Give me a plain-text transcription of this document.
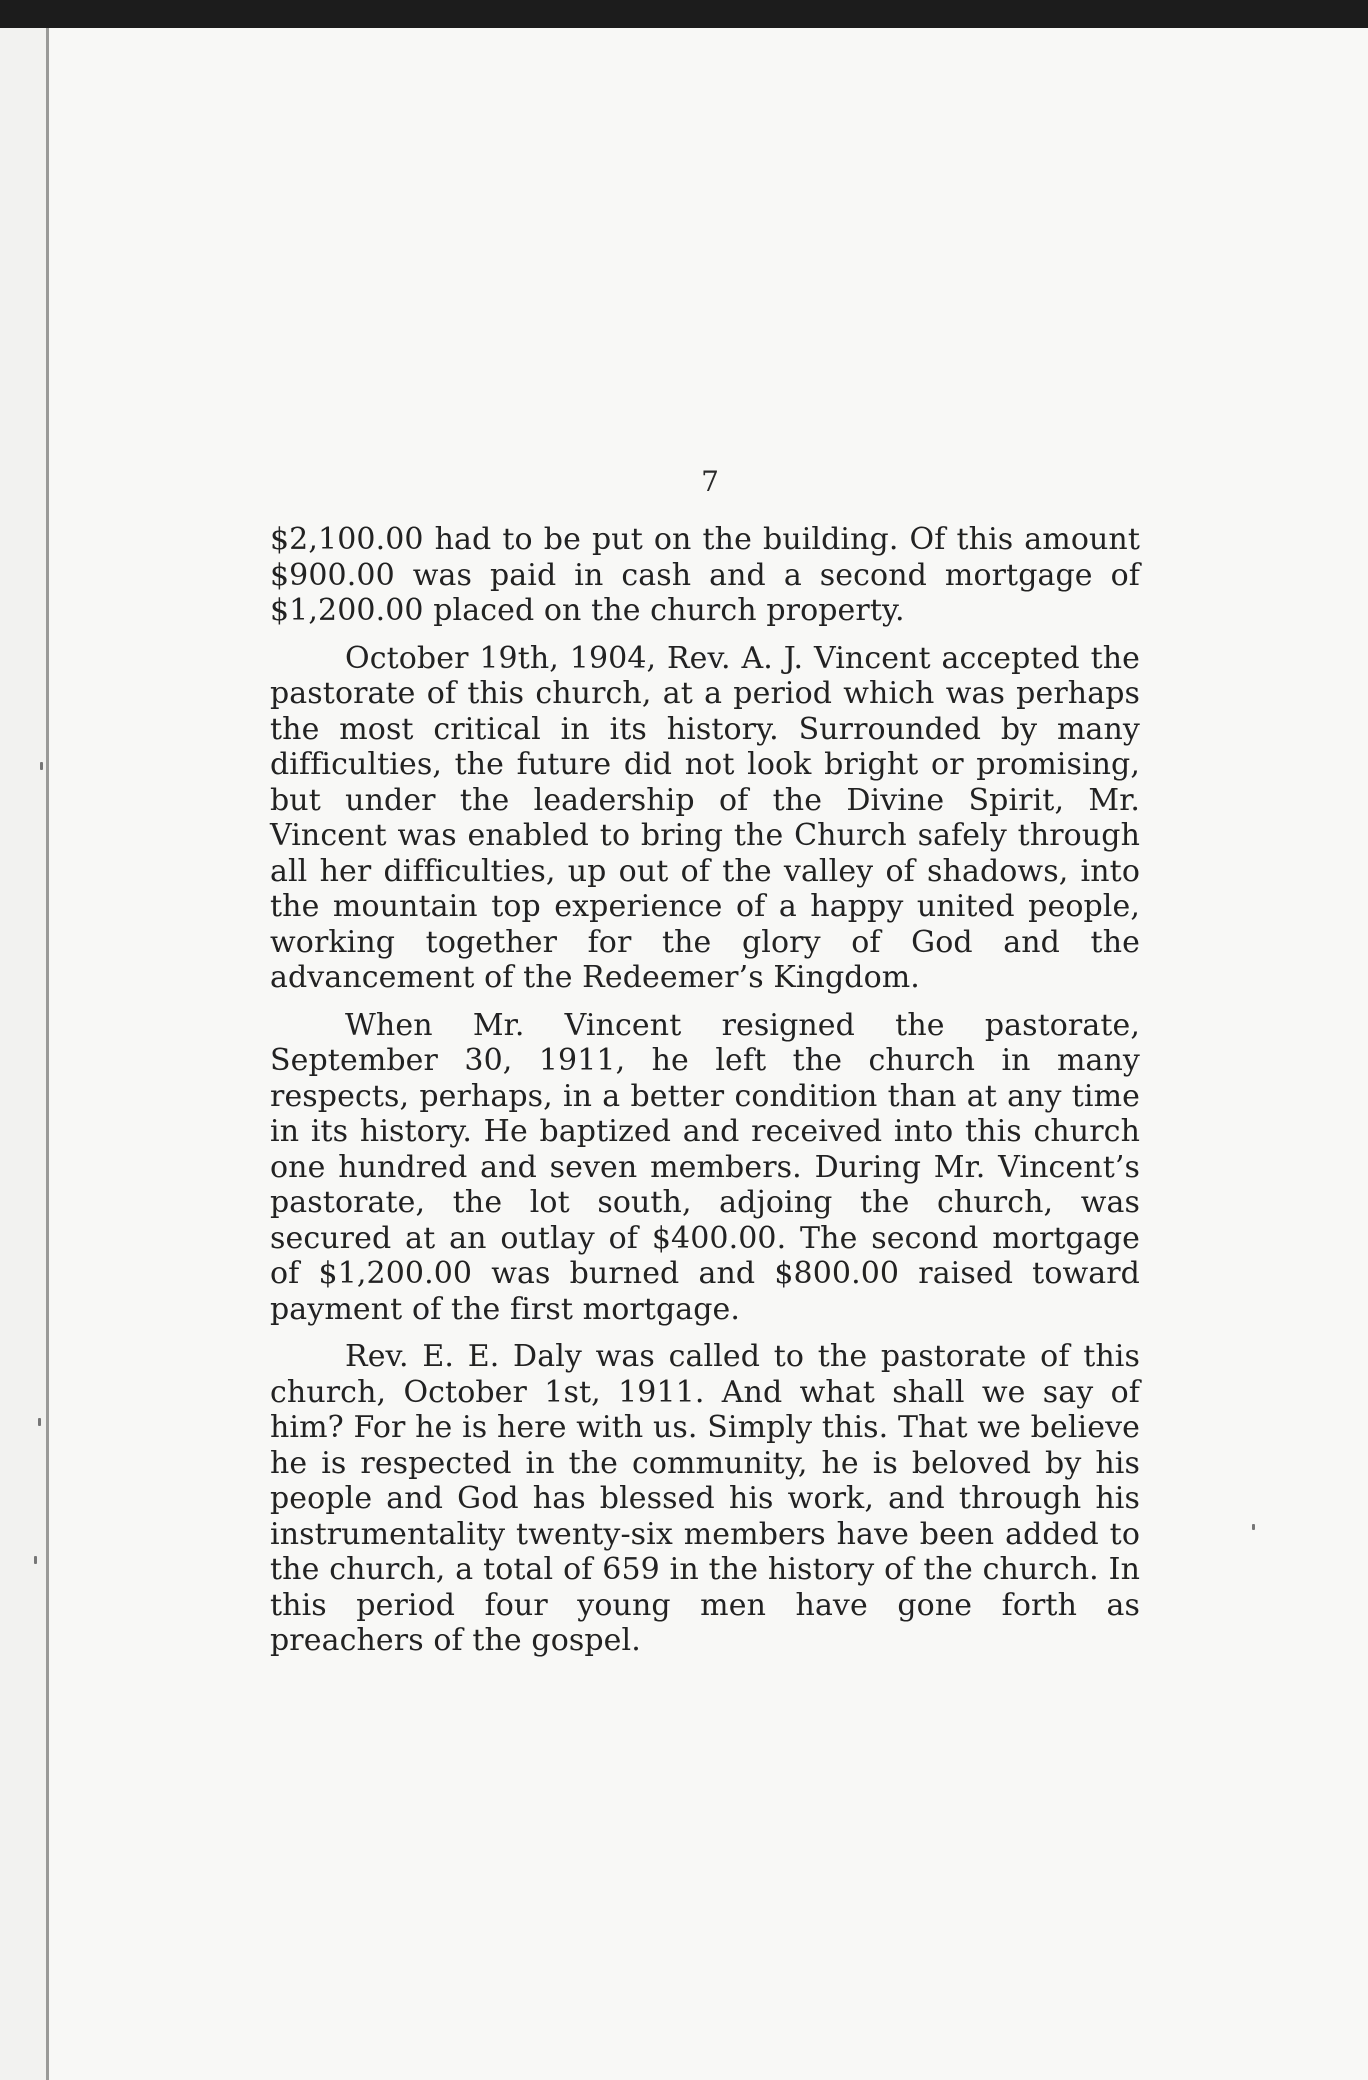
7

$2,100.00 had to be put on the building. Of this amount $900.00 was paid in cash and a second mortgage of $1,200.00 placed on the church property.

October 19th, 1904, Rev. A. J. Vincent accepted the pastorate of this church, at a period which was perhaps the most critical in its history. Surrounded by many difficulties, the future did not look bright or promising, but under the leadership of the Divine Spirit, Mr. Vincent was enabled to bring the Church safely through all her difficulties, up out of the valley of shadows, into the mountain top experience of a happy united people, working together for the glory of God and the advancement of the Redeemer’s Kingdom.

When Mr. Vincent resigned the pastorate, September 30, 1911, he left the church in many respects, perhaps, in a better condition than at any time in its history. He baptized and received into this church one hundred and seven members. During Mr. Vincent’s pastorate, the lot south, adjoing the church, was secured at an outlay of $400.00. The second mortgage of $1,200.00 was burned and $800.00 raised toward payment of the first mortgage.

Rev. E. E. Daly was called to the pastorate of this church, October 1st, 1911. And what shall we say of him? For he is here with us. Simply this. That we believe he is respected in the community, he is beloved by his people and God has blessed his work, and through his instrumentality twenty-six members have been added to the church, a total of 659 in the history of the church. In this period four young men have gone forth as preachers of the gospel.
